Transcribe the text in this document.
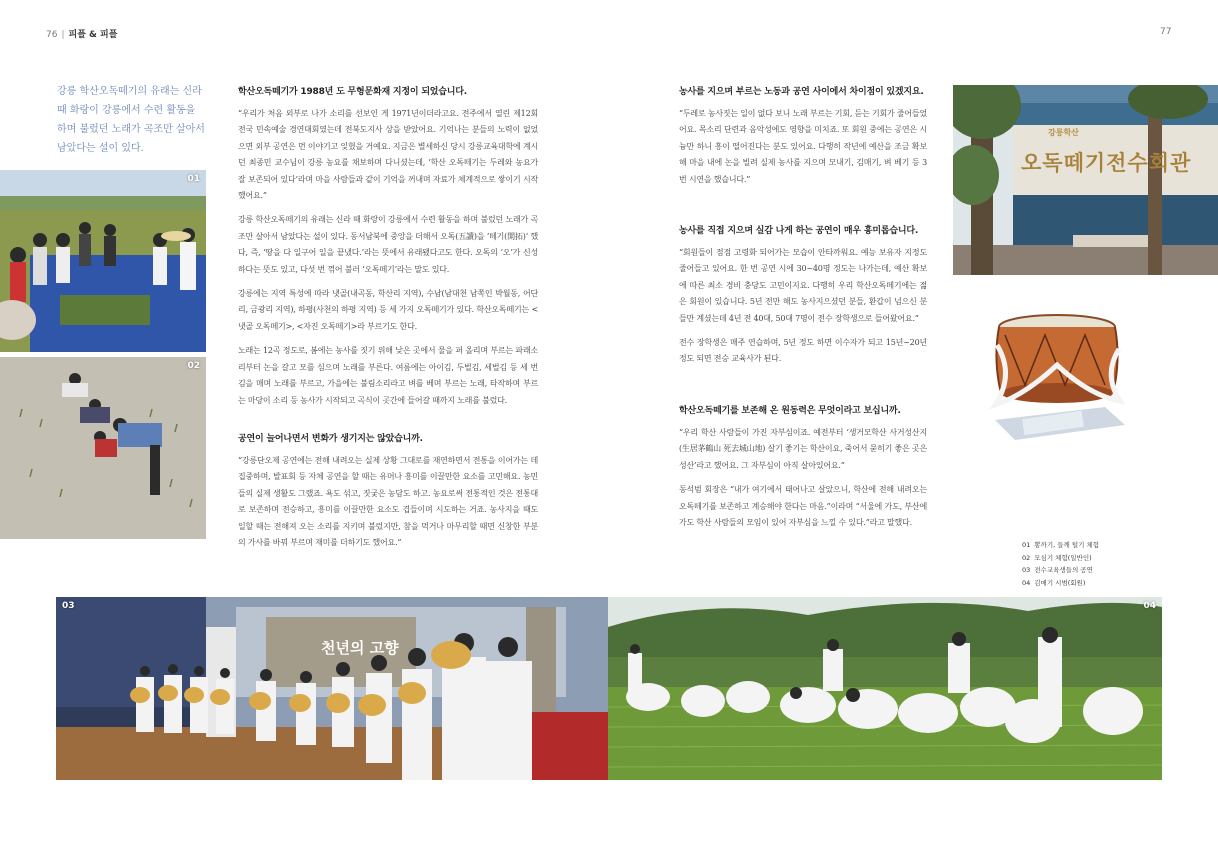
76 | 피플 & 피플	77
강릉 학산오독떼기의 유래는 신라 때 화랑이 강릉에서 수련 활동을 하며 불렀던 노래가 곡조만 살아서 남았다는 설이 있다.
01
02
강릉학산
오독떼기전수회관
학산오독떼기가 1988년 도 무형문화재 지정이 되었습니다.

“우리가 처음 외부로 나가 소리를 선보인 게 1971년이더라고요. 전주에서 열린 제12회 전국 민속예술 경연대회였는데 전북도지사 상을 받았어요. 기억나는 분들의 노력이 없었으면 외부 공연은 먼 이야기고 잊혔을 거예요. 지금은 별세하신 당시 강릉교육대학에 계시던 최종민 교수님이 강릉 농요를 채보하며 다니셨는데, ‘학산 오독떼기는 두레와 농요가 잘 보존되어 있다’라며 마을 사람들과 같이 기억을 꺼내며 자료가 체계적으로 쌓이기 시작했어요.”

강릉 학산오독떼기의 유래는 신라 때 화랑이 강릉에서 수련 활동을 하며 불렀던 노래가 곡조만 살아서 남았다는 설이 있다. 동서남북에 중앙을 더해서 오독(五讀)을 ‘떼기(開拓)’ 했다, 즉, ‘땅을 다 일구어 일을 끝냈다.’라는 뜻에서 유래됐다고도 한다. 오독의 ‘오’가 신성하다는 뜻도 있고, 다섯 번 꺾어 불러 ‘오독떼기’라는 말도 있다.

강릉에는 지역 특성에 따라 냇골(내곡동, 학산리 지역), 수남(남대천 남쪽인 박월동, 어단리, 금광리 지역), 하평(사천의 하평 지역) 등 세 가지 오독떼기가 있다. 학산오독떼기는 <냇골 오독떼기>, <자진 오독떼기>라 부르기도 한다.

노래는 12곡 정도로, 봄에는 농사를 짓기 위해 낮은 곳에서 물을 퍼 올리며 부르는 파래소리부터 논을 갈고 모를 심으며 노래를 부른다. 여름에는 아이김, 두벌김, 세벌김 등 세 번 김을 매며 노래를 부르고, 가을에는 불림소리라고 벼를 베며 부르는 노래, 타작하며 부르는 마당이 소리 등 농사가 시작되고 곡식이 곳간에 들어갈 때까지 노래를 불렀다.

공연이 늘어나면서 변화가 생기지는 않았습니까.

“강릉단오제 공연에는 전해 내려오는 실제 상황 그대로를 재연하면서 전통을 이어가는 데 집중하며, 발표회 등 자체 공연을 할 때는 유머나 흥미를 이끌만한 요소를 고민해요. 농민들의 실제 생활도 그랬죠. 욕도 섞고, 짓궂은 농담도 하고. 농요로써 전통적인 것은 전통대로 보존하며 전승하고, 흥미를 이끌만한 요소도 겹들이며 시도하는 거죠. 농사지을 때도 일할 때는 전해져 오는 소리를 지키며 불렀지만, 참을 먹거나 마무리할 때면 신창한 부분의 가사를 바꿔 부르며 재미를 더하기도 했어요.”

농사를 지으며 부르는 노동과 공연 사이에서 차이점이 있겠지요.

“두레로 농사짓는 일이 없다 보니 노래 부르는 기회, 듣는 기회가 줄어들었어요. 목소리 단련과 음악성에도 영향을 미치죠. 또 회원 중에는 공연은 시늉만 하니 흥이 떨어진다는 분도 있어요. 다행히 작년에 예산을 조금 확보해 마을 내에 논을 빌려 실제 농사를 지으며 모내기, 김매기, 벼 베기 등 3번 시연을 했습니다.”

농사를 직접 지으며 실감 나게 하는 공연이 매우 흥미롭습니다.

“회원들이 점점 고령화 되어가는 모습이 안타까워요. 예능 보유자 지정도 줄어들고 있어요. 한 번 공연 시에 30~40명 정도는 나가는데, 예산 확보에 따른 최소 경비 충당도 고민이지요. 다행히 우리 학산오독떼기에는 젊은 회원이 있습니다. 5년 전만 해도 농사지으셨던 분들, 환갑이 넘으신 분들만 계셨는데 4년 전 40대, 50대 7명이 전수 장학생으로 들어왔어요.”

전수 장학생은 매주 연습하며, 5년 정도 하면 이수자가 되고 15년~20년 정도 되면 전승 교육사가 된다.

학산오독떼기를 보존해 온 원동력은 무엇이라고 보십니까.

“우리 학산 사람들이 가진 자부심이죠. 예전부터 ‘생거모학산 사거성산지(生居茅鶴山 死去城山地) 살기 좋기는 학산이요, 죽어서 묻히기 좋은 곳은 성산’라고 했어요. 그 자부심이 아직 살아있어요.”

동석범 회장은 “내가 여기에서 태어나고 살았으니, 학산에 전해 내려오는 오독떼기를 보존하고 계승해야 한다는 마음.”이라며 “서울에 가도, 부산에 가도 학산 사람들의 모임이 있어 자부심을 느낄 수 있다.”라고 말했다.

01 뽕까기, 들깨 털기 체험
02 모심기 체험(일반인)
03 전수교육생들의 공연
04 김매기 시범(회원)
천년의 고향
03	04
